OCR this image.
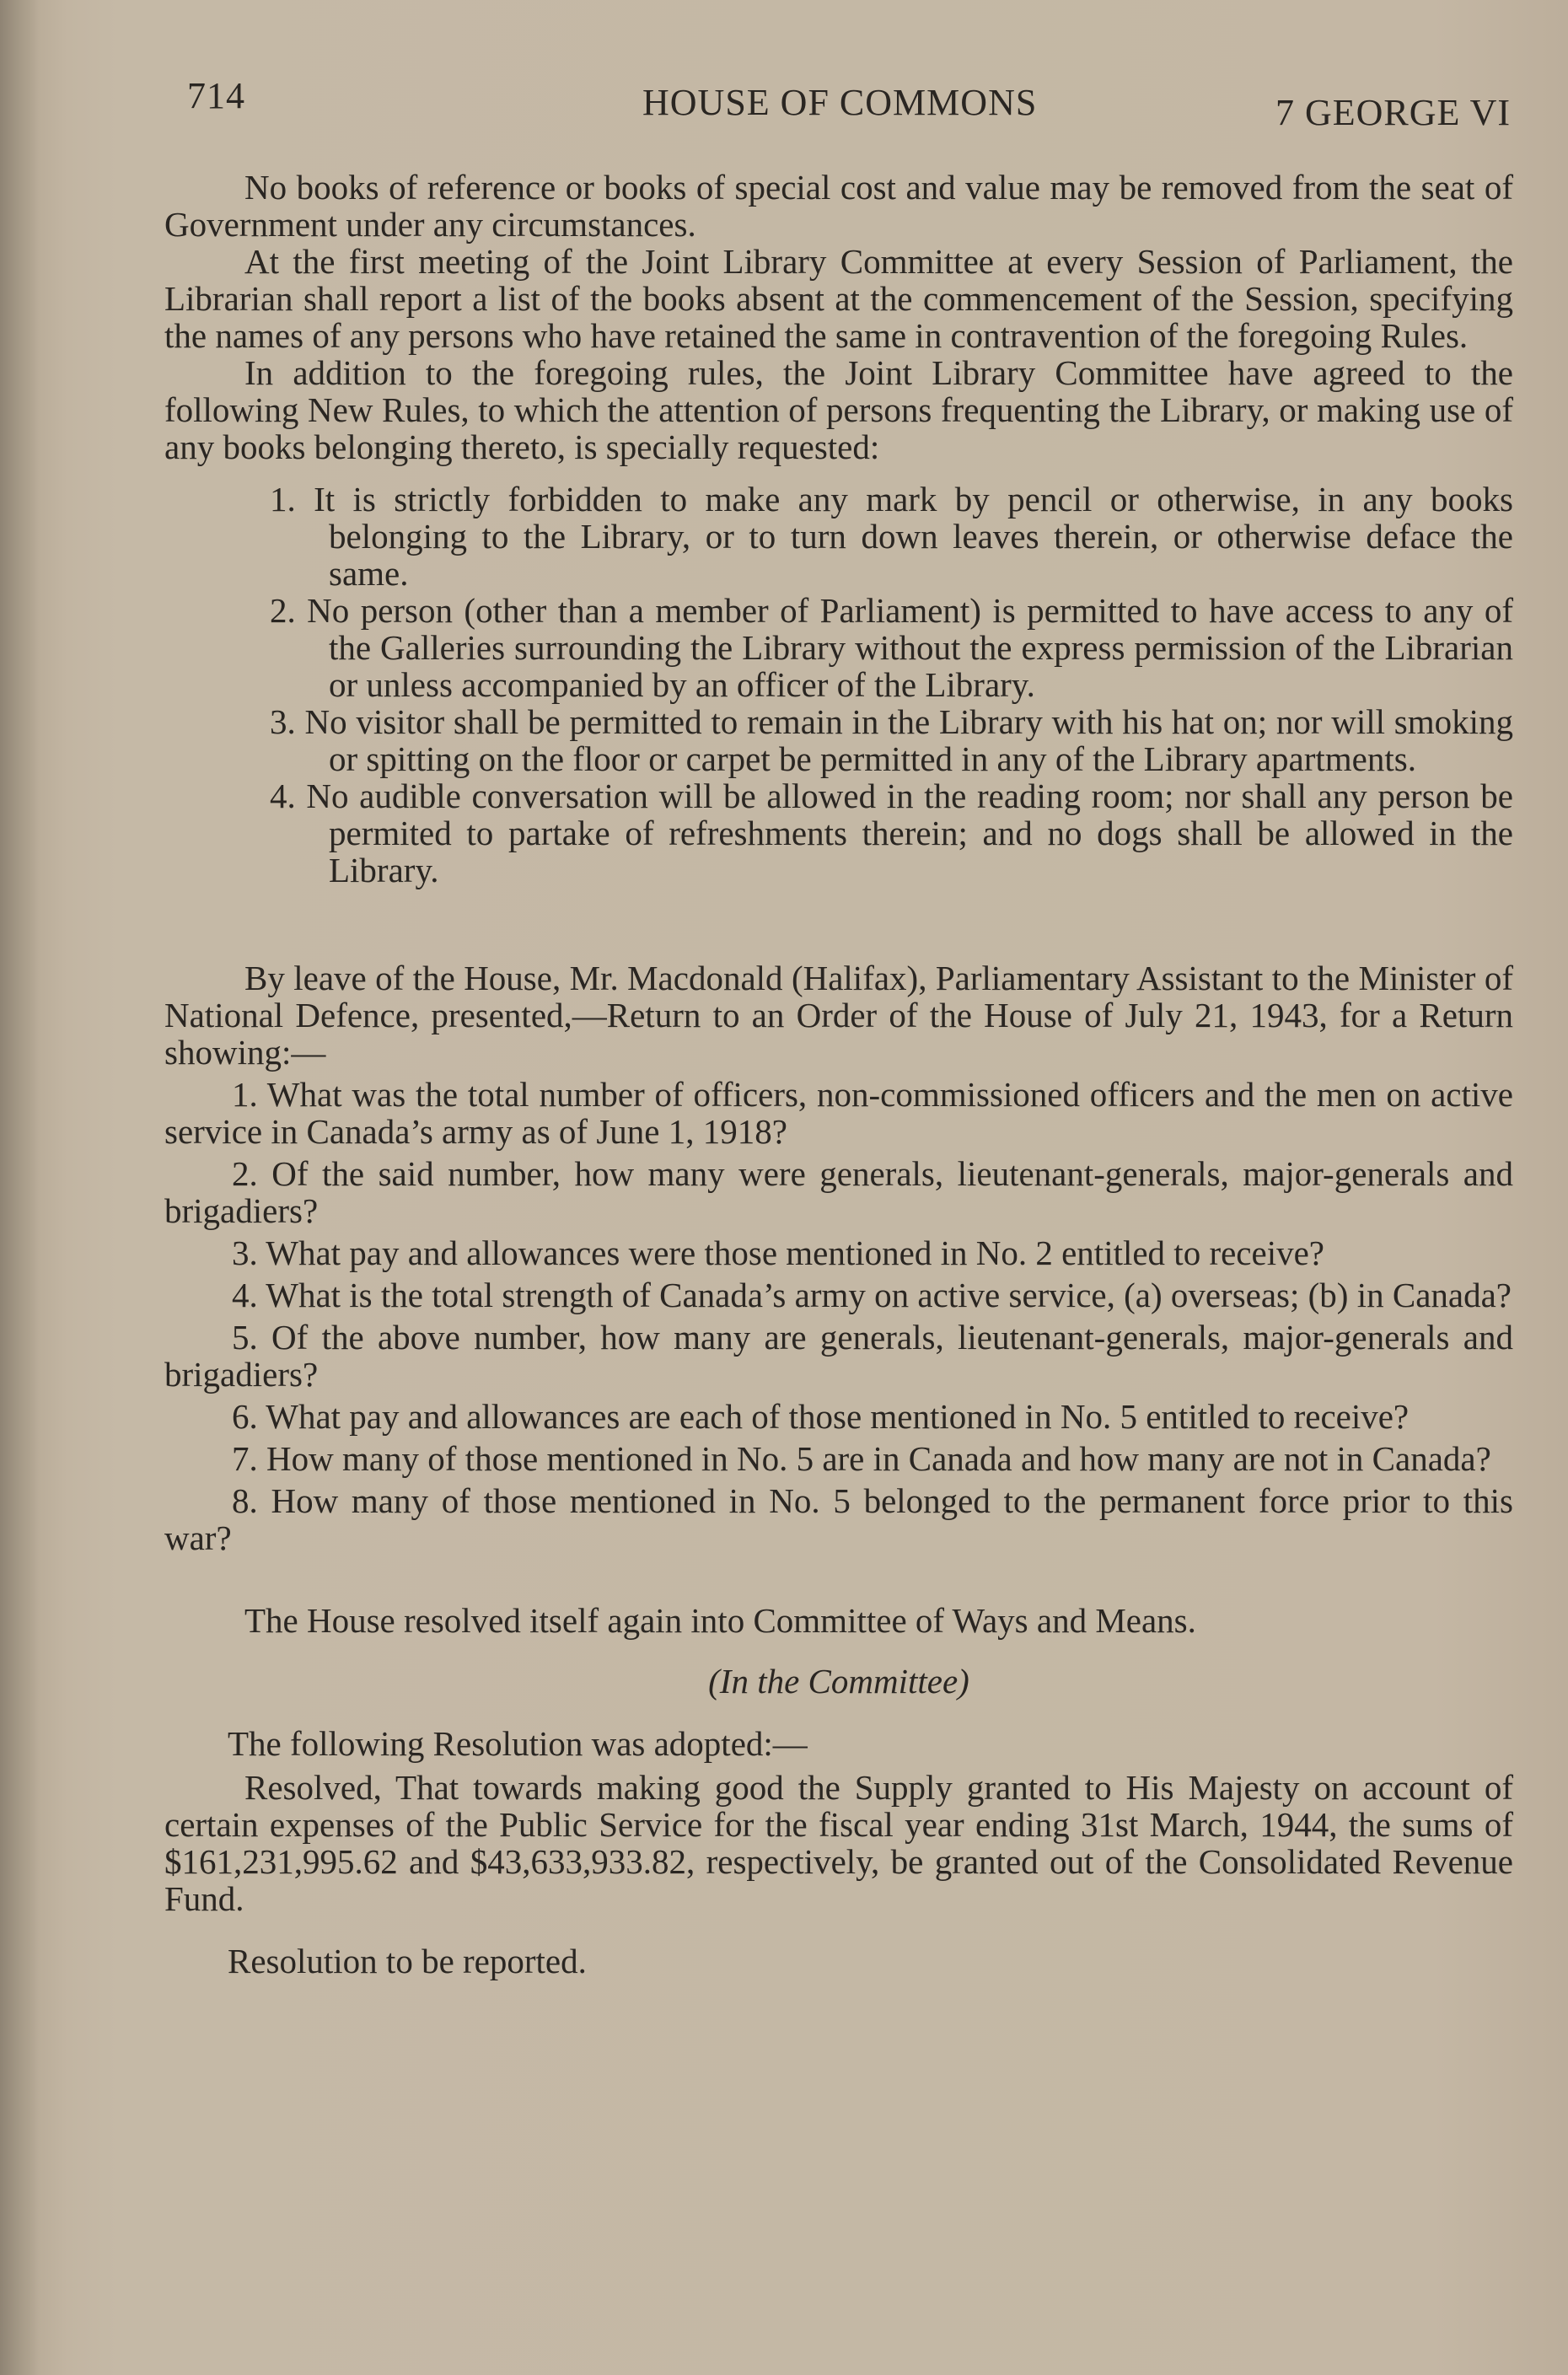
714	HOUSE OF COMMONS	7 GEORGE VI

No books of reference or books of special cost and value may be removed from the seat of Government under any circumstances.

At the first meeting of the Joint Library Committee at every Session of Parliament, the Librarian shall report a list of the books absent at the commencement of the Session, specifying the names of any persons who have retained the same in contravention of the foregoing Rules.

In addition to the foregoing rules, the Joint Library Committee have agreed to the following New Rules, to which the attention of persons frequenting the Library, or making use of any books belonging thereto, is specially requested:

1. It is strictly forbidden to make any mark by pencil or otherwise, in any books belonging to the Library, or to turn down leaves therein, or otherwise deface the same.

2. No person (other than a member of Parliament) is permitted to have access to any of the Galleries surrounding the Library without the express permission of the Librarian or unless accompanied by an officer of the Library.

3. No visitor shall be permitted to remain in the Library with his hat on; nor will smoking or spitting on the floor or carpet be permitted in any of the Library apartments.

4. No audible conversation will be allowed in the reading room; nor shall any person be permited to partake of refreshments therein; and no dogs shall be allowed in the Library.

By leave of the House, Mr. Macdonald (Halifax), Parliamentary Assistant to the Minister of National Defence, presented,—Return to an Order of the House of July 21, 1943, for a Return showing:—

1. What was the total number of officers, non-commissioned officers and the men on active service in Canada’s army as of June 1, 1918?

2. Of the said number, how many were generals, lieutenant-generals, major-generals and brigadiers?

3. What pay and allowances were those mentioned in No. 2 entitled to receive?

4. What is the total strength of Canada’s army on active service, (a) overseas; (b) in Canada?

5. Of the above number, how many are generals, lieutenant-generals, major-generals and brigadiers?

6. What pay and allowances are each of those mentioned in No. 5 entitled to receive?

7. How many of those mentioned in No. 5 are in Canada and how many are not in Canada?

8. How many of those mentioned in No. 5 belonged to the permanent force prior to this war?

The House resolved itself again into Committee of Ways and Means.

(In the Committee)

The following Resolution was adopted:—

Resolved, That towards making good the Supply granted to His Majesty on account of certain expenses of the Public Service for the fiscal year ending 31st March, 1944, the sums of $161,231,995.62 and $43,633,933.82, respectively, be granted out of the Consolidated Revenue Fund.

Resolution to be reported.
